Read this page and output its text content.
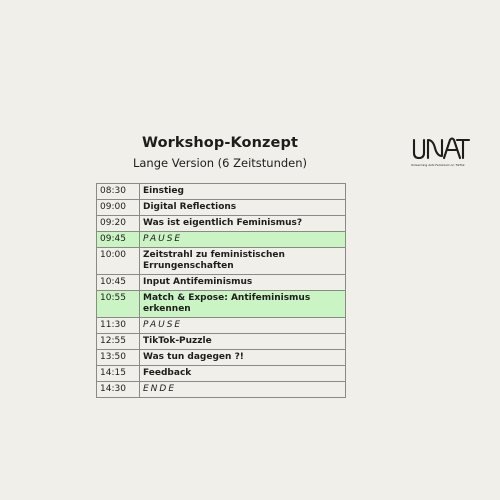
Workshop-Konzept
Lange Version (6 Zeitstunden)	Unlearning Anti-Feminism on TikTok
08:30	Einstieg
09:00	Digital Reflections
09:20	Was ist eigentlich Feminismus?
09:45	PAUSE
10:00	Zeitstrahl zu feministischen Errungenschaften
10:45	Input Antifeminismus
10:55	Match & Expose: Antifeminismus erkennen
11:30	PAUSE
12:55	TikTok-Puzzle
13:50	Was tun dagegen ?!
14:15	Feedback
14:30	ENDE
